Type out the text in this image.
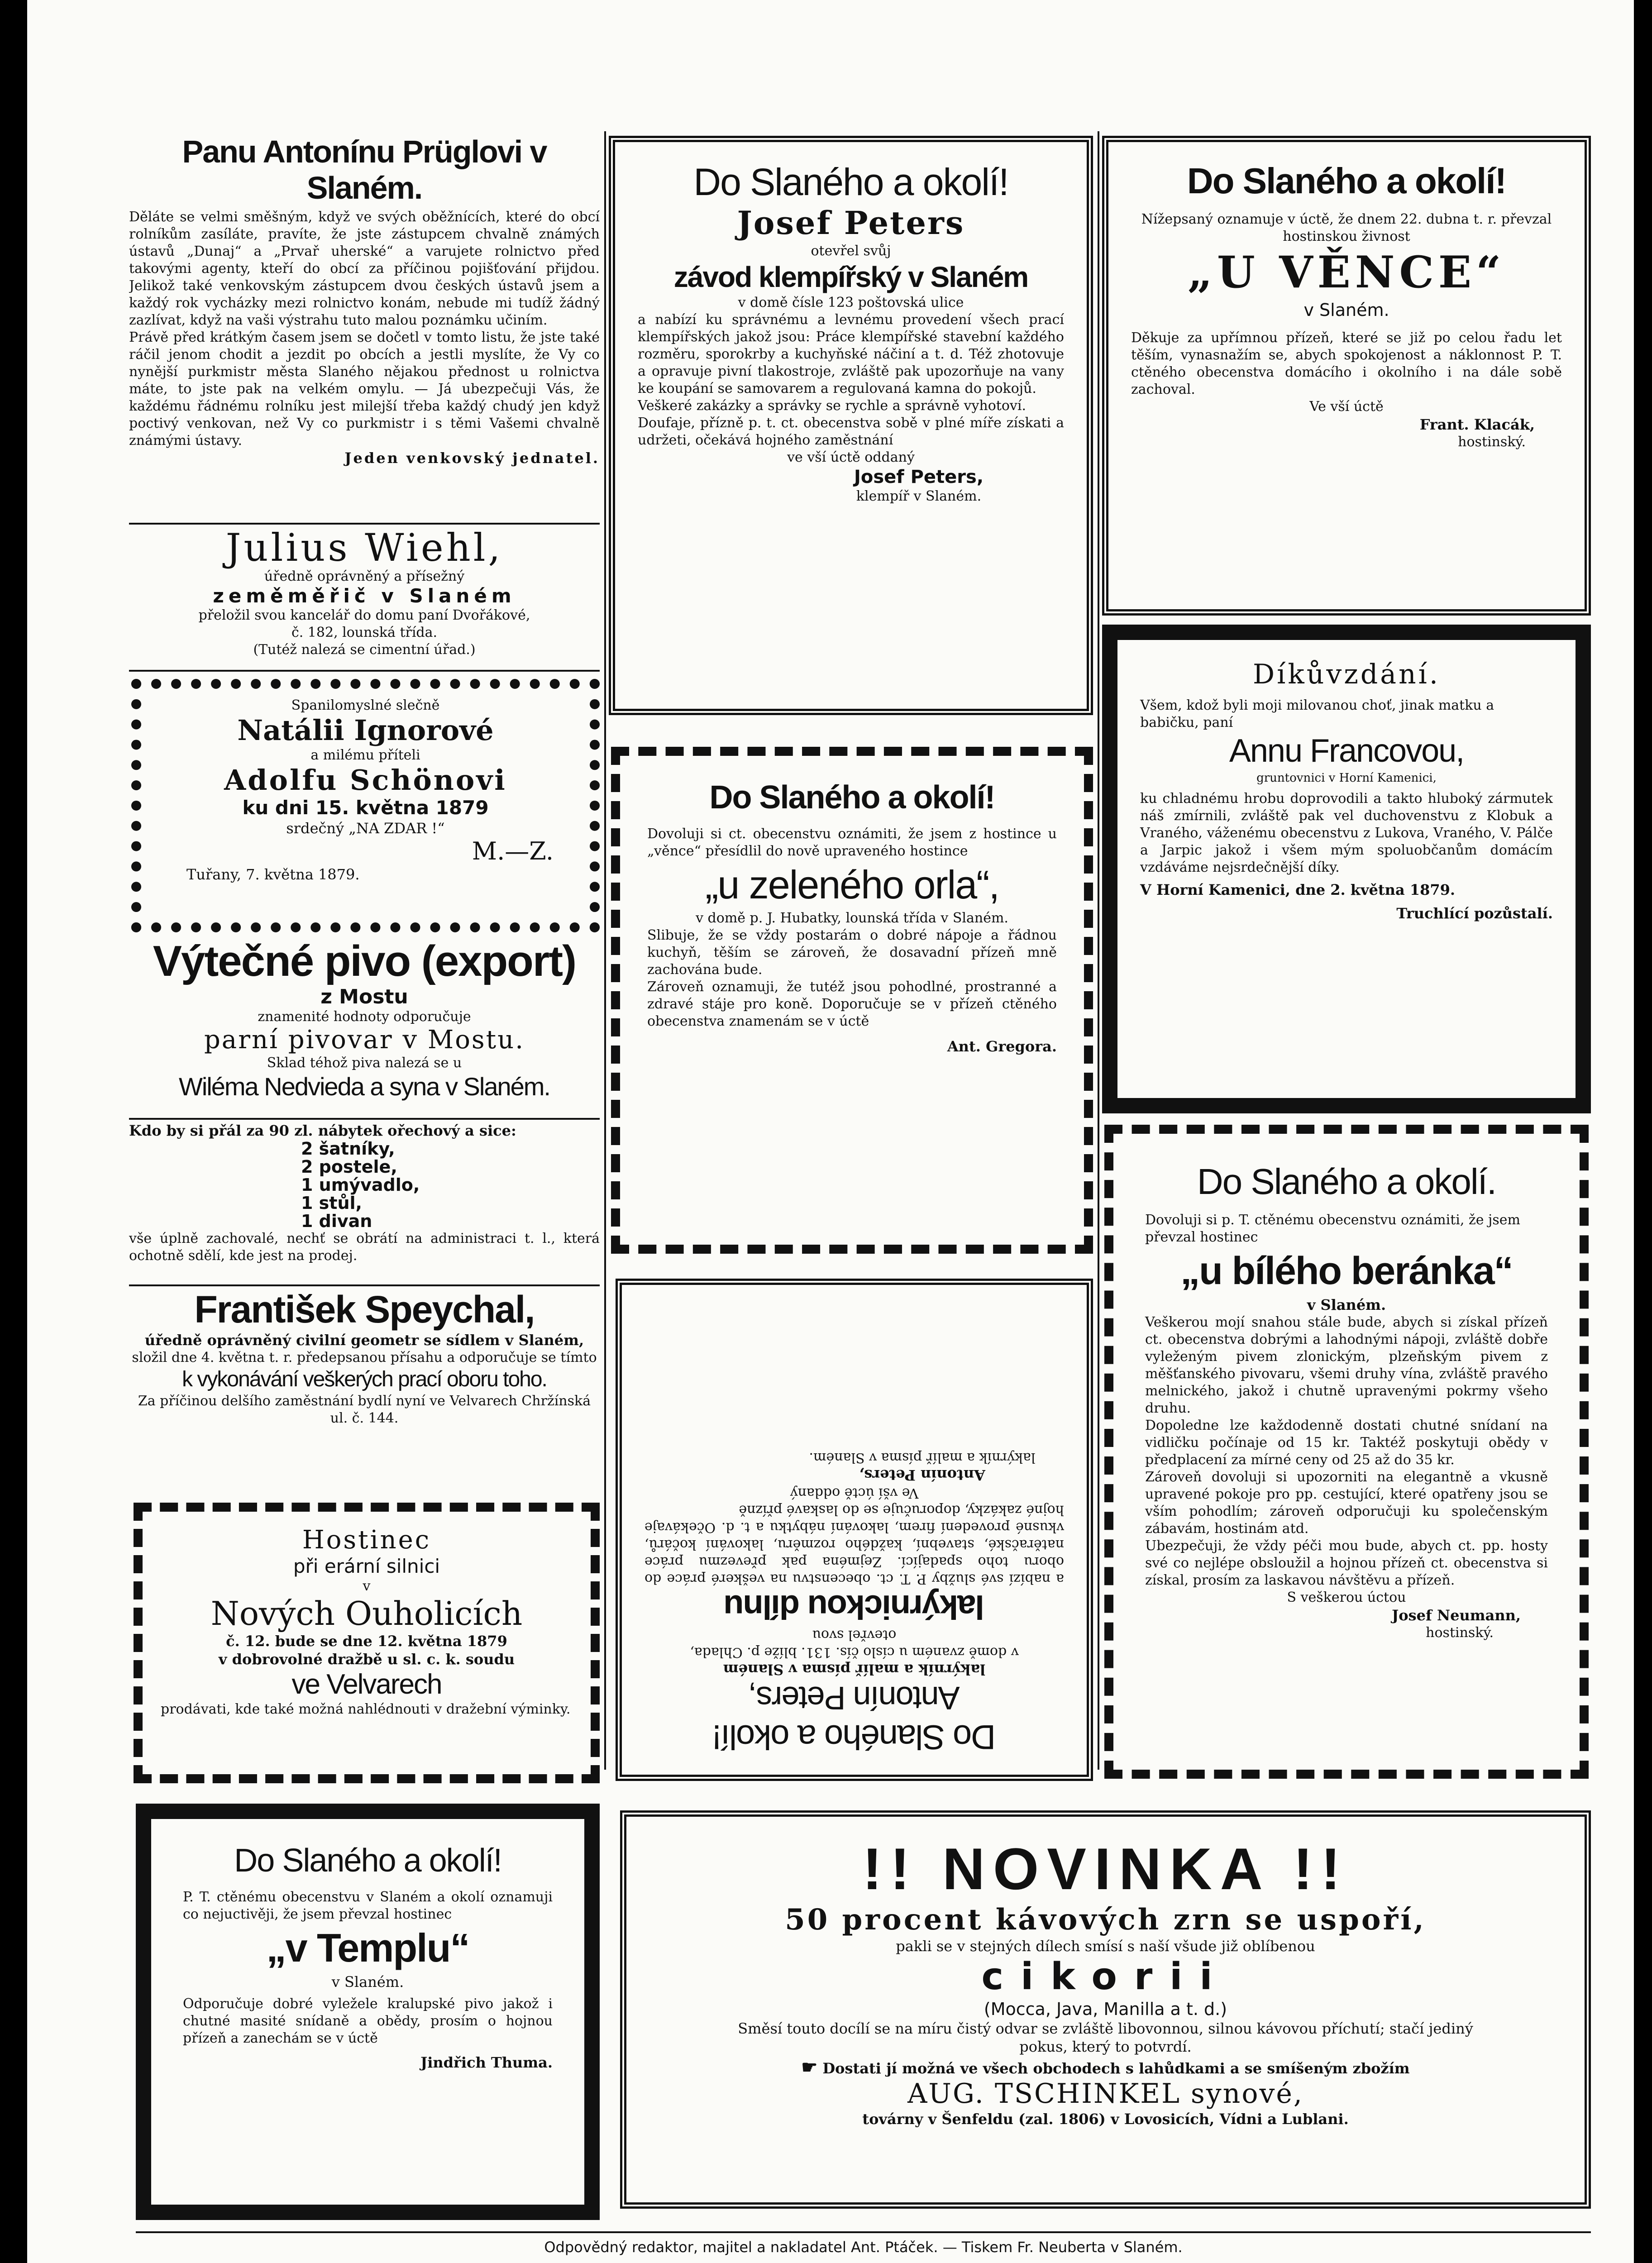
Panu Antonínu Prüglovi v Slaném.

Děláte se velmi směšným, když ve svých oběžnících, které do obcí rolníkům zasíláte, pravíte, že jste zástupcem chvalně známých ústavů „Dunaj“ a „Prvař uherské“ a varujete rolnictvo před takovými agenty, kteří do obcí za příčinou pojišťování přijdou. Jelikož také venkovským zástupcem dvou českých ústavů jsem a každý rok vycházky mezi rolnictvo konám, nebude mi tudíž žádný zazlívat, když na vaši výstrahu tuto malou poznámku učiním.

Právě před krátkým časem jsem se dočetl v tomto listu, že jste také ráčil jenom chodit a jezdit po obcích a jestli myslíte, že Vy co nynější purkmistr města Slaného nějakou přednost u rolnictva máte, to jste pak na velkém omylu. — Já ubezpečuji Vás, že každému řádnému rolníku jest milejší třeba každý chudý jen když poctivý venkovan, než Vy co purkmistr i s těmi Vašemi chvalně známými ústavy.

Jeden venkovský jednatel.
Julius Wiehl,
úředně oprávněný a přísežný
zeměměřič v Slaném
přeložil svou kancelář do domu paní Dvořákové,
č. 182, lounská třída.
(Tutéž nalezá se cimentní úřad.)
Spanilomyslné slečně
Natálii Ignorové
a milému příteli
Adolfu Schönovi
ku dni 15. května 1879
srdečný „NA ZDAR !“
M.—Z.
Tuřany, 7. května 1879.
Výtečné pivo (export)
z Mostu
znamenité hodnoty odporučuje
parní pivovar v Mostu.
Sklad téhož piva nalezá se u
Wiléma Nedvieda a syna v Slaném.
Kdo by si přál za 90 zl. nábytek ořechový a sice:
2 šatníky,
2 postele,
1 umývadlo,
1 stůl,
1 divan

vše úplně zachovalé, nechť se obrátí na administraci t. l., která ochotně sdělí, kde jest na prodej.

František Speychal,
úředně oprávněný civilní geometr se sídlem v Slaném,
složil dne 4. května t. r. předepsanou přísahu a odporučuje se tímto
k vykonávání veškerých prací oboru toho.
Za příčinou delšího zaměstnání bydlí nyní ve Velvarech Chržínská ul. č. 144.
Hostinec
při erární silnici
v
Nových Ouholicích
č. 12. bude se dne 12. května 1879
v dobrovolné dražbě u sl. c. k. soudu
ve Velvarech
prodávati, kde také možná nahlédnouti v dražební výminky.
Do Slaného a okolí!

P. T. ctěnému obecenstvu v Slaném a okolí oznamuji co nejuctivěji, že jsem převzal hostinec

„v Templu“
v Slaném.

Odporučuje dobré vyležele kralupské pivo jakož i chutné masité snídaně a obědy, prosím o hojnou přízeň a zanechám se v úctě

Jindřich Thuma.
Do Slaného a okolí!
Josef Peters
otevřel svůj
závod klempířský v Slaném
v domě čísle 123 poštovská ulice

a nabízí ku správnému a levnému provedení všech prací klempířských jakož jsou: Práce klempířské stavební každého rozměru, sporokrby a kuchyňské náčiní a t. d. Též zhotovuje a opravuje pivní tlakostroje, zvláště pak upozorňuje na vany ke koupání se samovarem a regulovaná kamna do pokojů.

Veškeré zakázky a správky se rychle a správně vyhotoví.

Doufaje, přízně p. t. ct. obecenstva sobě v plné míře získati a udržeti, očekává hojného zaměstnání

ve vší úctě oddaný
Josef Peters,
klempíř v Slaném.
Do Slaného a okolí!

Dovoluji si ct. obecenstvu oznámiti, že jsem z hostince u „věnce“ přesídlil do nově upraveného hostince

„u zeleného orla“,
v domě p. J. Hubatky, lounská třída v Slaném.

Slibuje, že se vždy postarám o dobré nápoje a řádnou kuchyň, těším se zároveň, že dosavadní přízeň mně zachována bude.

Zároveň oznamuji, že tutéž jsou pohodlné, prostranné a zdravé stáje pro koně. Doporučuje se v přízeň ctěného obecenstva znamenám se v úctě

Ant. Gregora.
Do Slaného a okolí!
Antonín Peters,
lakýrník a malíř písma v Slaném
v domě zvaném u císlo čís. 131. blíže p. Chlada,
otevřel svou
lakýrnickou dílnu

a nabízí své služby P. T. ct. obecenstvu na veškeré práce do oboru toho spadající. Zejména pak převezmu práce natěračské, stavební, každého rozměru, lakování kočárů, vkusné provedení firem, lakování nábytku a t. d. Očekávaje hojné zakázky, doporučuje se do laskavé přízně

Ve vší úctě oddaný
Antonín Peters,
lakýrník a malíř písma v Slaném.
Do Slaného a okolí!

Nížepsaný oznamuje v úctě, že dnem 22. dubna t. r. převzal hostinskou živnost

„U VĚNCE“
v Slaném.

Děkuje za upřímnou přízeň, které se již po celou řadu let těším, vynasnažím se, abych spokojenost a náklonnost P. T. ctěného obecenstva domácího i okolního i na dále sobě zachoval.

Ve vší úctě
Frant. Klacák,
hostinský.
Díkůvzdání.

Všem, kdož byli moji milovanou choť, jinak matku a babičku, paní

Annu Francovou,
gruntovnici v Horní Kamenici,

ku chladnému hrobu doprovodili a takto hluboký zármutek náš zmírnili, zvláště pak vel duchovenstvu z Klobuk a Vraného, váženému obecenstvu z Lukova, Vraného, V. Pálče a Jarpic jakož i všem mým spoluobčanům domácím vzdáváme nejsrdečnější díky.

V Horní Kamenici, dne 2. května 1879.
Truchlící pozůstalí.
Do Slaného a okolí.

Dovoluji si p. T. ctěnému obecenstvu oznámiti, že jsem převzal hostinec

„u bílého beránka“
v Slaném.

Veškerou mojí snahou stále bude, abych si získal přízeň ct. obecenstva dobrými a lahodnými nápoji, zvláště dobře vyleženým pivem zlonickým, plzeňským pivem z měšťanského pivovaru, všemi druhy vína, zvláště pravého melnického, jakož i chutně upravenými pokrmy všeho druhu.

Dopoledne lze každodenně dostati chutné snídaní na vidličku počínaje od 15 kr. Taktéž poskytuji obědy v předplacení za mírné ceny od 25 až do 35 kr.

Zároveň dovoluji si upozorniti na elegantně a vkusně upravené pokoje pro pp. cestující, které opatřeny jsou se vším pohodlím; zároveň odporučuji ku společenským zábavám, hostinám atd.

Ubezpečuji, že vždy péči mou bude, abych ct. pp. hosty své co nejlépe obsloužil a hojnou přízeň ct. obecenstva si získal, prosím za laskavou návštěvu a přízeň.

S veškerou úctou
Josef Neumann,
hostinský.
!! NOVINKA !!
50 procent kávových zrn se uspoří,
pakli se v stejných dílech smísí s naší všude již oblíbenou
cikorii
(Mocca, Java, Manilla a t. d.)
Směsí touto docílí se na míru čistý odvar se zvláště libovonnou, silnou kávovou příchutí; stačí jediný pokus, který to potvrdí.
☛ Dostati jí možná ve všech obchodech s lahůdkami a se smíšeným zbožím
AUG. TSCHINKEL synové,
továrny v Šenfeldu (zal. 1806) v Lovosicích, Vídni a Lublani.
Odpovědný redaktor, majitel a nakladatel Ant. Ptáček. — Tiskem Fr. Neuberta v Slaném.
